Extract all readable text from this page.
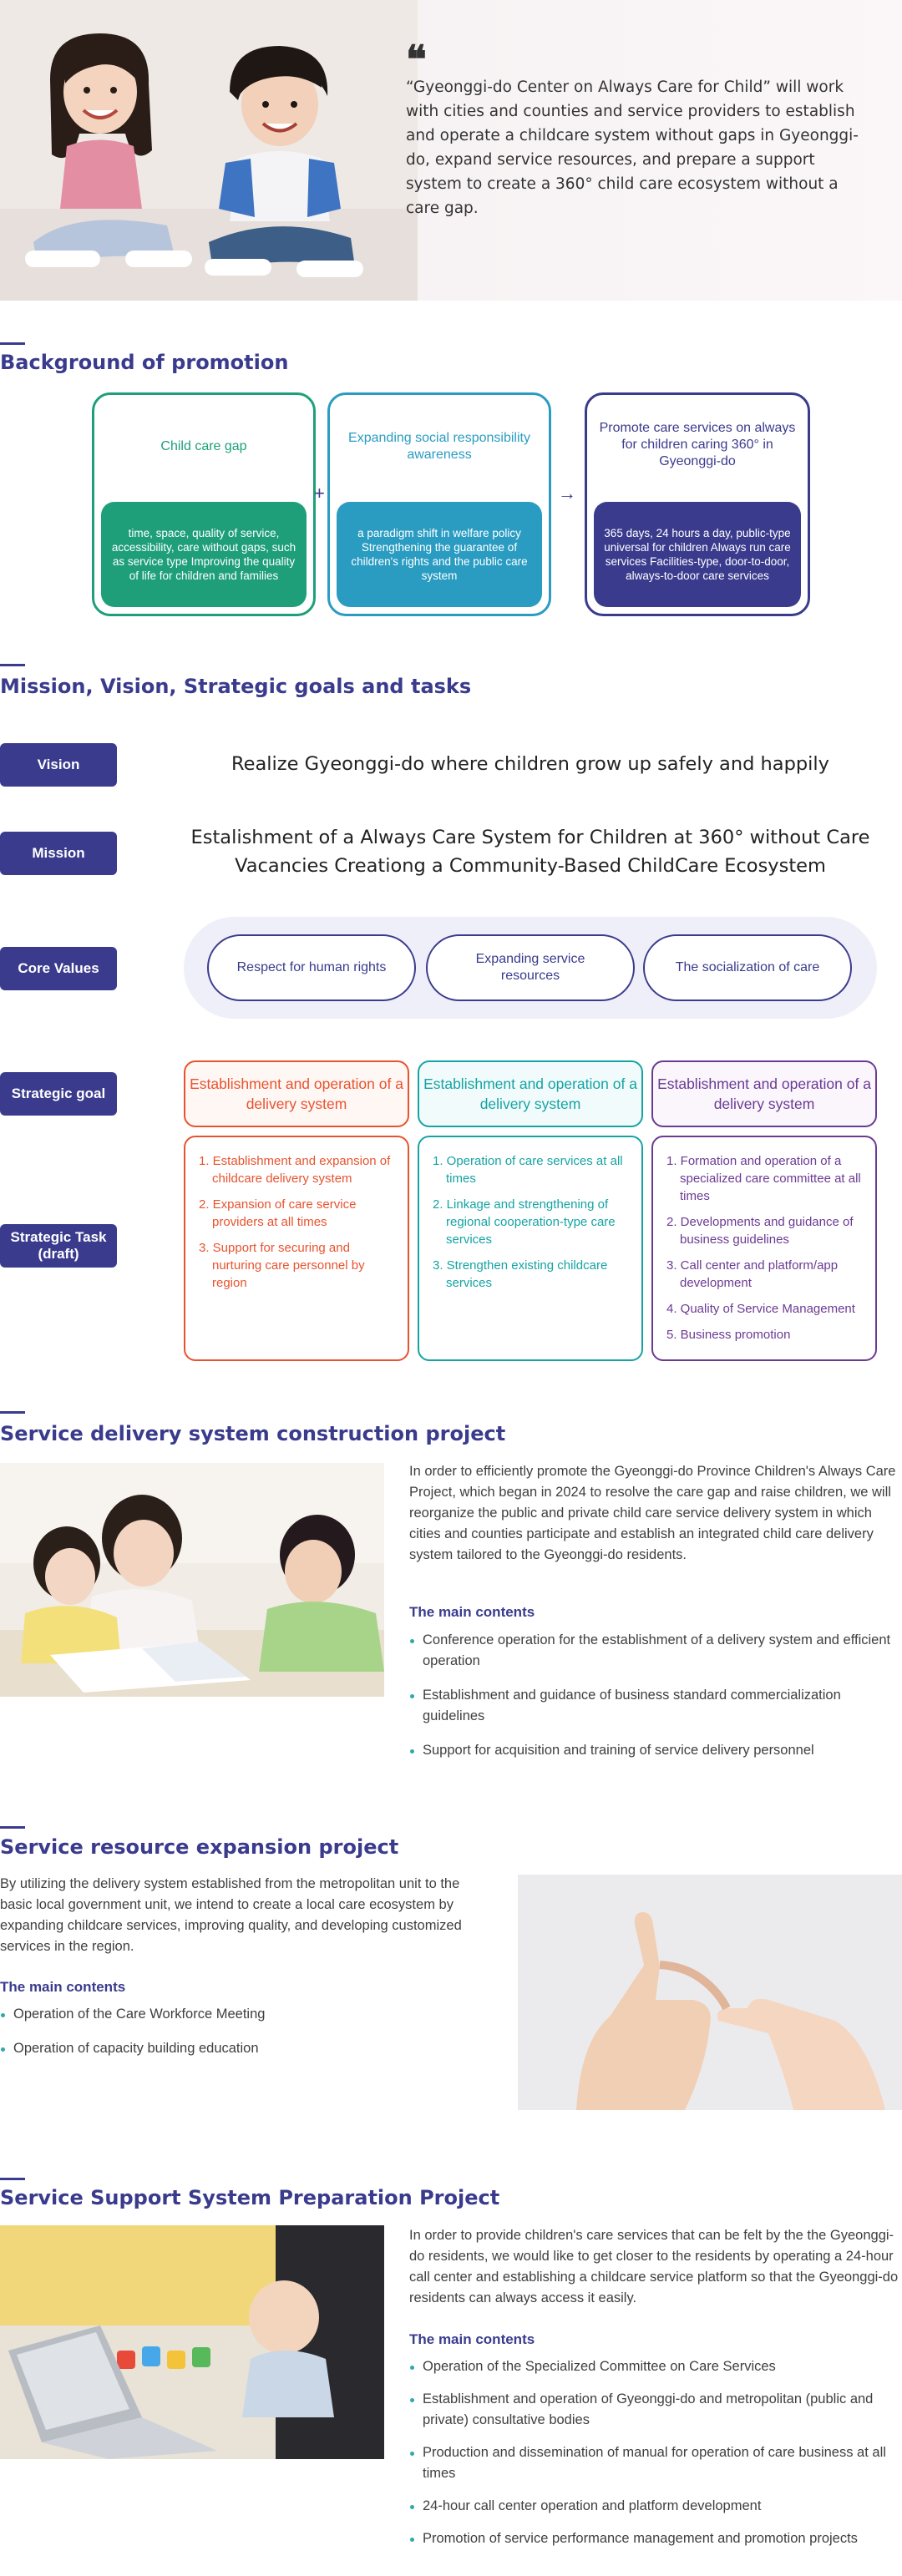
❝

“Gyeonggi-do Center on Always Care for Child” will work with cities and counties and service providers to establish and operate a childcare system without gaps in Gyeonggi-do, expand service resources, and prepare a support system to create a 360° child care ecosystem without a care gap.

Background of promotion
Child care gap
time, space, quality of service, accessibility, care without gaps, such as service type Improving the quality of life for children and families
+
Expanding social responsibility awareness
a paradigm shift in welfare policy Strengthening the guarantee of children's rights and the public care system
→
Promote care services on always for children caring 360° in Gyeonggi-do
365 days, 24 hours a day, public-type universal for children Always run care services Facilities-type, door-to-door, always-to-door care services
Mission, Vision, Strategic goals and tasks
Vision	Realize Gyeonggi-do where children grow up safely and happily

Mission

Estalishment of a Always Care System for Children at 360° without Care Vacancies Creationg a Community-Based ChildCare Ecosystem

Core Values	Respect for human rights
Expanding service resources
The socialization of care
Strategic goal
Strategic Task (draft)
Establishment and operation of a delivery system
Establishment and operation of a delivery system
Establishment and operation of a delivery system
1. Establishment and expansion of childcare delivery system
2. Expansion of care service providers at all times
3. Support for securing and nurturing care personnel by region
1. Operation of care services at all times
2. Linkage and strengthening of regional cooperation-type care services
3. Strengthen existing childcare services
1. Formation and operation of a specialized care committee at all times
2. Developments and guidance of business guidelines
3. Call center and platform/app development
4. Quality of Service Management
5. Business promotion
Service delivery system construction project

In order to efficiently promote the Gyeonggi-do Province Children's Always Care Project, which began in 2024 to resolve the care gap and raise children, we will reorganize the public and private child care service delivery system in which cities and counties participate and establish an integrated child care delivery system tailored to the Gyeonggi-do residents.

The main contents
Conference operation for the establishment of a delivery system and efficient operation
Establishment and guidance of business standard commercialization guidelines
Support for acquisition and training of service delivery personnel
Service resource expansion project

By utilizing the delivery system established from the metropolitan unit to the basic local government unit, we intend to create a local care ecosystem by expanding childcare services, improving quality, and developing customized services in the region.

The main contents
Operation of the Care Workforce Meeting
Operation of capacity building education
Service Support System Preparation Project

In order to provide children's care services that can be felt by the the Gyeonggi-do residents, we would like to get closer to the residents by operating a 24-hour call center and establishing a childcare service platform so that the Gyeonggi-do residents can always access it easily.

The main contents
Operation of the Specialized Committee on Care Services
Establishment and operation of Gyeonggi-do and metropolitan (public and private) consultative bodies
Production and dissemination of manual for operation of care business at all times
24-hour call center operation and platform development
Promotion of service performance management and promotion projects
